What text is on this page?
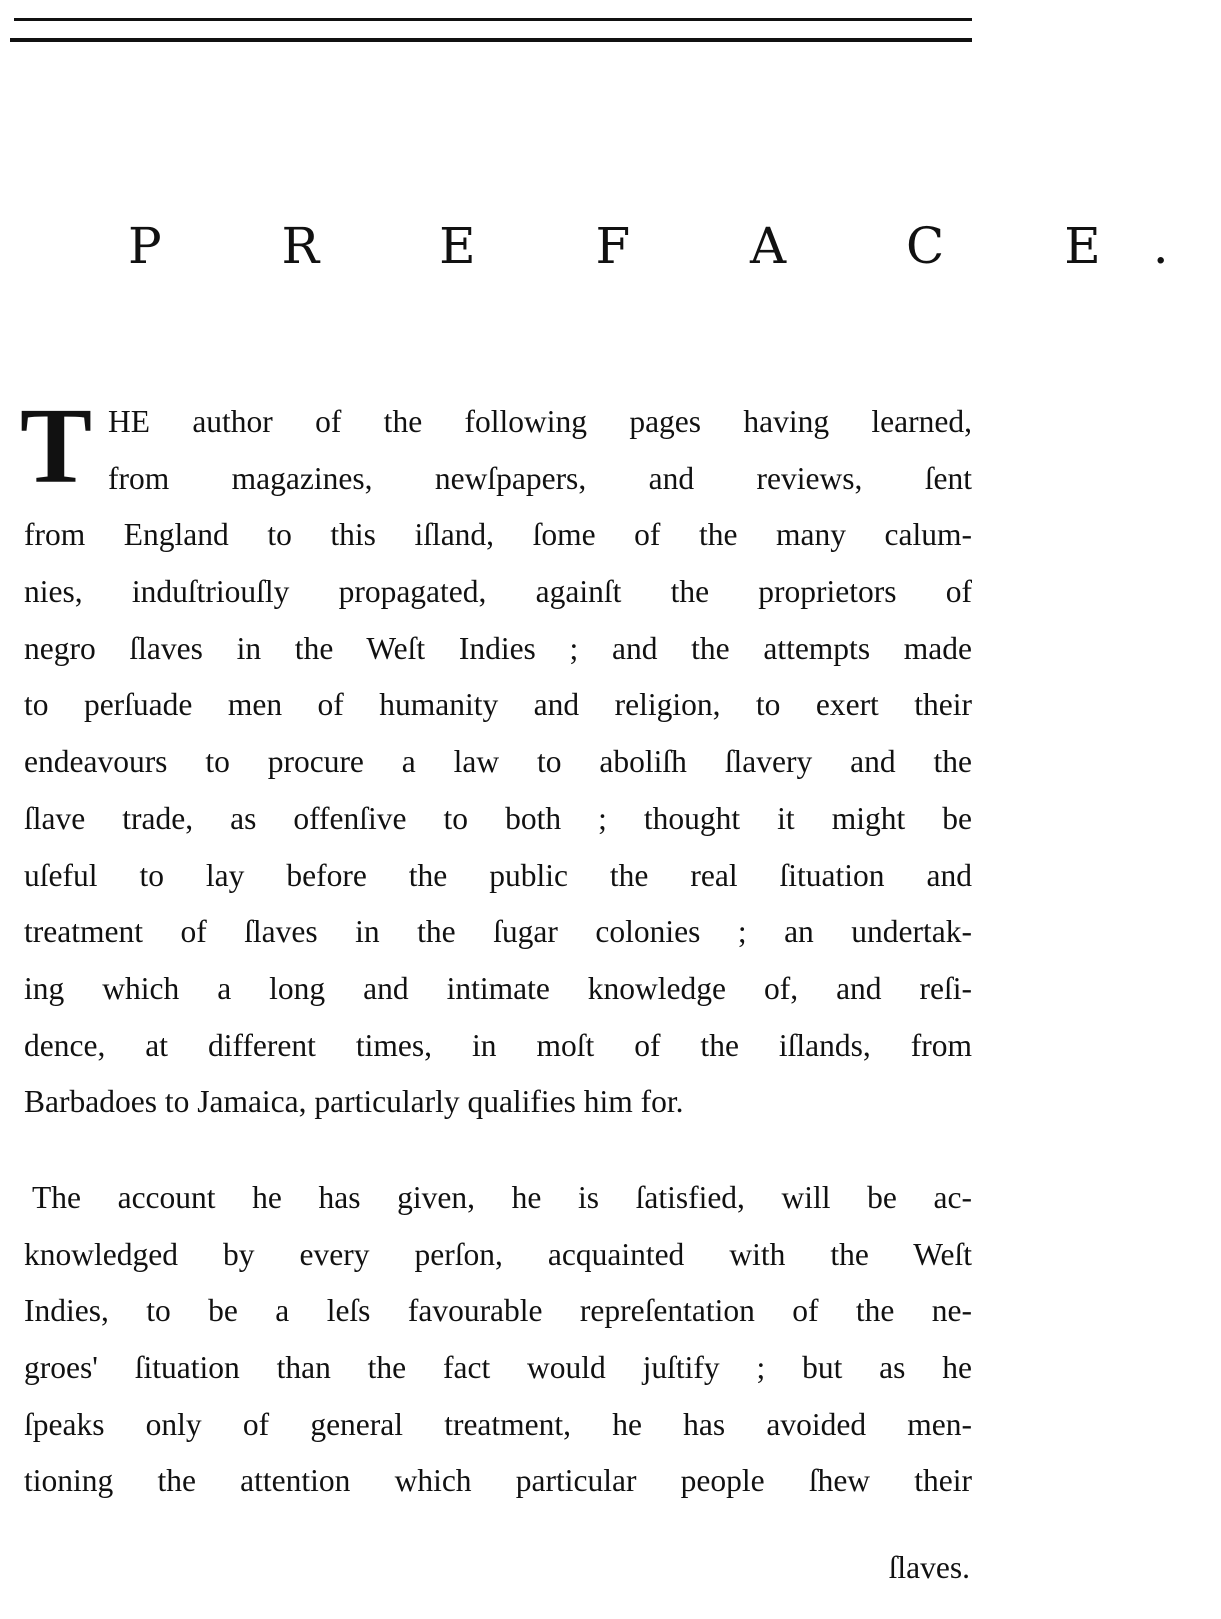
P R E F A C E.
T HE author of the following pages having learned,
from magazines, newſpapers, and reviews, ſent
from England to this iſland, ſome of the many calum-
nies, induſtriouſly propagated, againſt the proprietors of
negro ſlaves in the Weſt Indies ; and the attempts made
to perſuade men of humanity and religion, to exert their
endeavours to procure a law to aboliſh ſlavery and the
ſlave trade, as offenſive to both ; thought it might be
uſeful to lay before the public the real ſituation and
treatment of ſlaves in the ſugar colonies ; an undertak-
ing which a long and intimate knowledge of, and reſi-
dence, at different times, in moſt of the iſlands, from
Barbadoes to Jamaica, particularly qualifies him for.
The account he has given, he is ſatisfied, will be ac-
knowledged by every perſon, acquainted with the Weſt
Indies, to be a leſs favourable repreſentation of the ne-
groes' ſituation than the fact would juſtify ; but as he
ſpeaks only of general treatment, he has avoided men-
tioning the attention which particular people ſhew their
ſlaves.
